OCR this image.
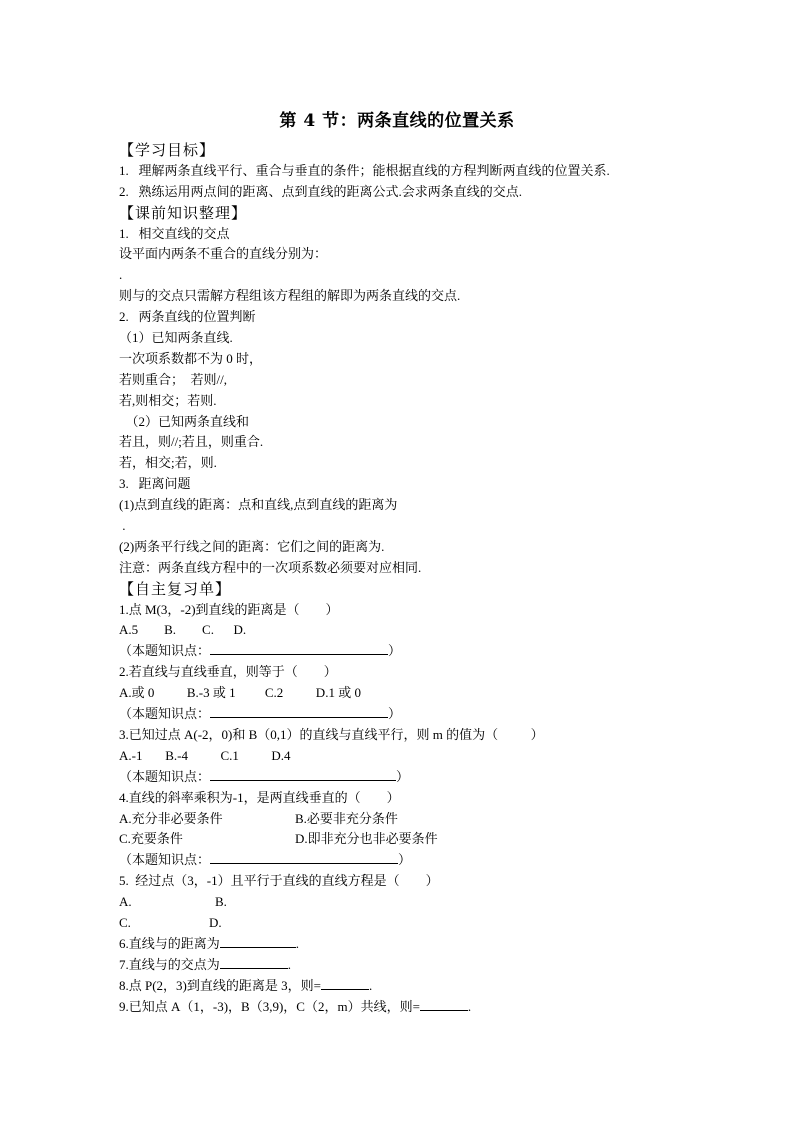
第 4 节：两条直线的位置关系
【学习目标】
1.   理解两条直线平行、重合与垂直的条件；能根据直线的方程判断两直线的位置关系.
2.   熟练运用两点间的距离、点到直线的距离公式.会求两条直线的交点.
【课前知识整理】
1.   相交直线的交点
设平面内两条不重合的直线分别为：
.
则与的交点只需解方程组该方程组的解即为两条直线的交点.
2.   两条直线的位置判断
（1）已知两条直线.
一次项系数都不为 0 时，
若则重合；  若则//,
若,则相交；若则.
（2）已知两条直线和
若且，则//;若且，则重合.
若，相交;若，则.
3.   距离问题
(1)点到直线的距离：点和直线,点到直线的距离为
.
(2)两条平行线之间的距离：它们之间的距离为.
注意：两条直线方程中的一次项系数必须要对应相同.
【自主复习单】
1.点 M(3，-2)到直线的距离是（        ）
A.5        B.        C.      D.
（本题知识点：	）
2.若直线与直线垂直，则等于（        ）
A.或 0          B.-3 或 1         C.2          D.1 或 0
（本题知识点：	）
3.已知过点 A(-2，0)和 B（0,1）的直线与直线平行，则 m 的值为（          ）
A.-1       B.-4          C.1          D.4
（本题知识点：	）
4.直线的斜率乘积为-1，是两直线垂直的（        ）
A.充分非必要条件	B.必要非充分条件
C.充要条件	D.即非充分也非必要条件
（本题知识点：	）
5.  经过点（3，-1）且平行于直线的直线方程是（        ）
A.	B.
C.	D.
6.直线与的距离为	.
7.直线与的交点为	.
8.点 P(2，3)到直线的距离是 3，则=	.
9.已知点 A（1，-3)，B（3,9)，C（2，m）共线，则=	.
